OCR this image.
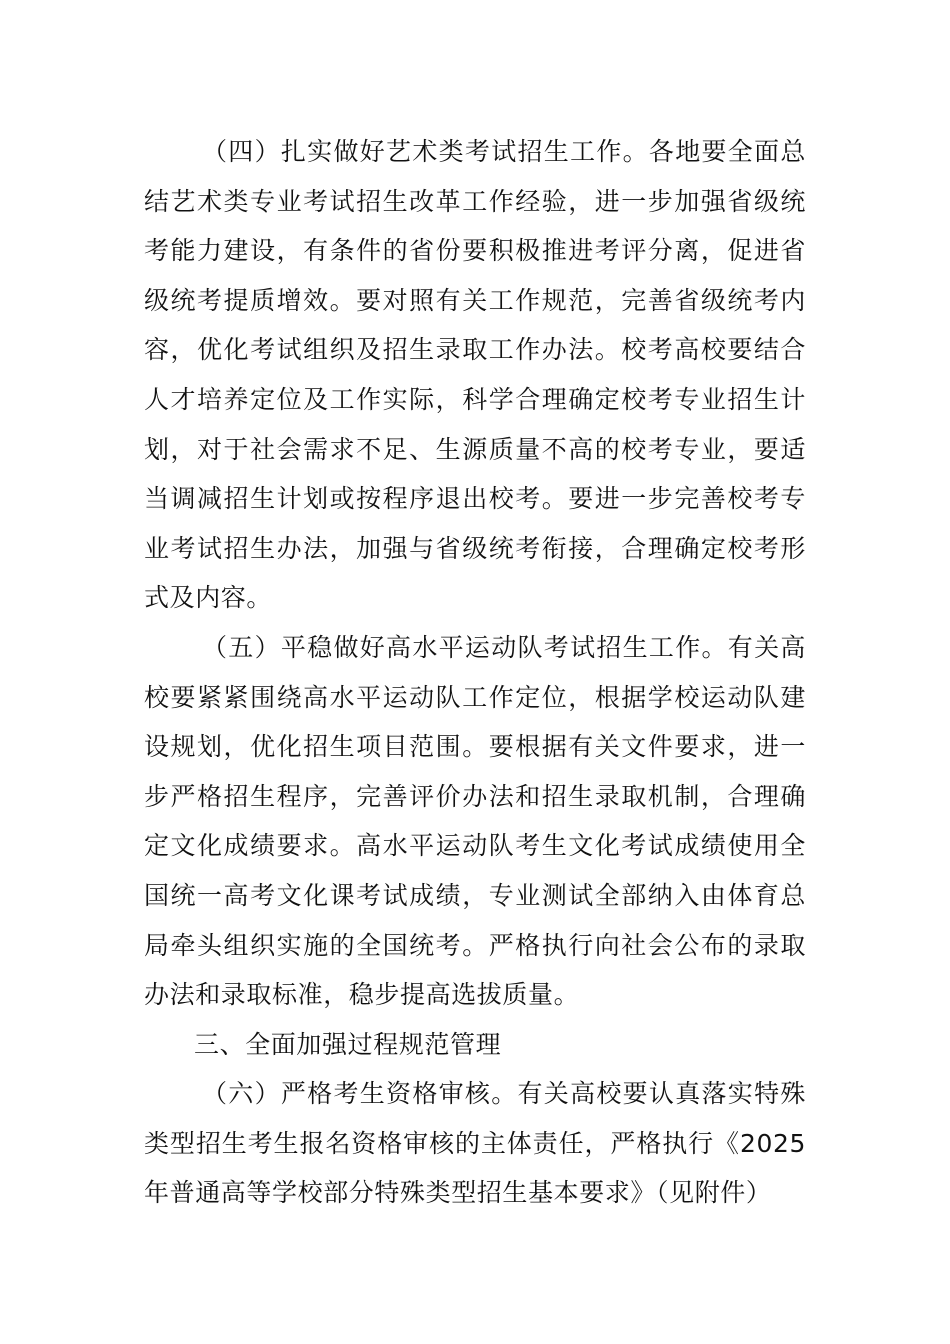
（四）扎实做好艺术类考试招生工作。各地要全面总结艺术类专业考试招生改革工作经验，进一步加强省级统考能力建设，有条件的省份要积极推进考评分离，促进省级统考提质增效。要对照有关工作规范，完善省级统考内容，优化考试组织及招生录取工作办法。校考高校要结合人才培养定位及工作实际，科学合理确定校考专业招生计划，对于社会需求不足、生源质量不高的校考专业，要适当调减招生计划或按程序退出校考。要进一步完善校考专业考试招生办法，加强与省级统考衔接，合理确定校考形式及内容。

（五）平稳做好高水平运动队考试招生工作。有关高校要紧紧围绕高水平运动队工作定位，根据学校运动队建设规划，优化招生项目范围。要根据有关文件要求，进一步严格招生程序，完善评价办法和招生录取机制，合理确定文化成绩要求。高水平运动队考生文化考试成绩使用全国统一高考文化课考试成绩，专业测试全部纳入由体育总局牵头组织实施的全国统考。严格执行向社会公布的录取办法和录取标准，稳步提高选拔质量。

三、全面加强过程规范管理

（六）严格考生资格审核。有关高校要认真落实特殊类型招生考生报名资格审核的主体责任，严格执行《2025年普通高等学校部分特殊类型招生基本要求》（见附件）
